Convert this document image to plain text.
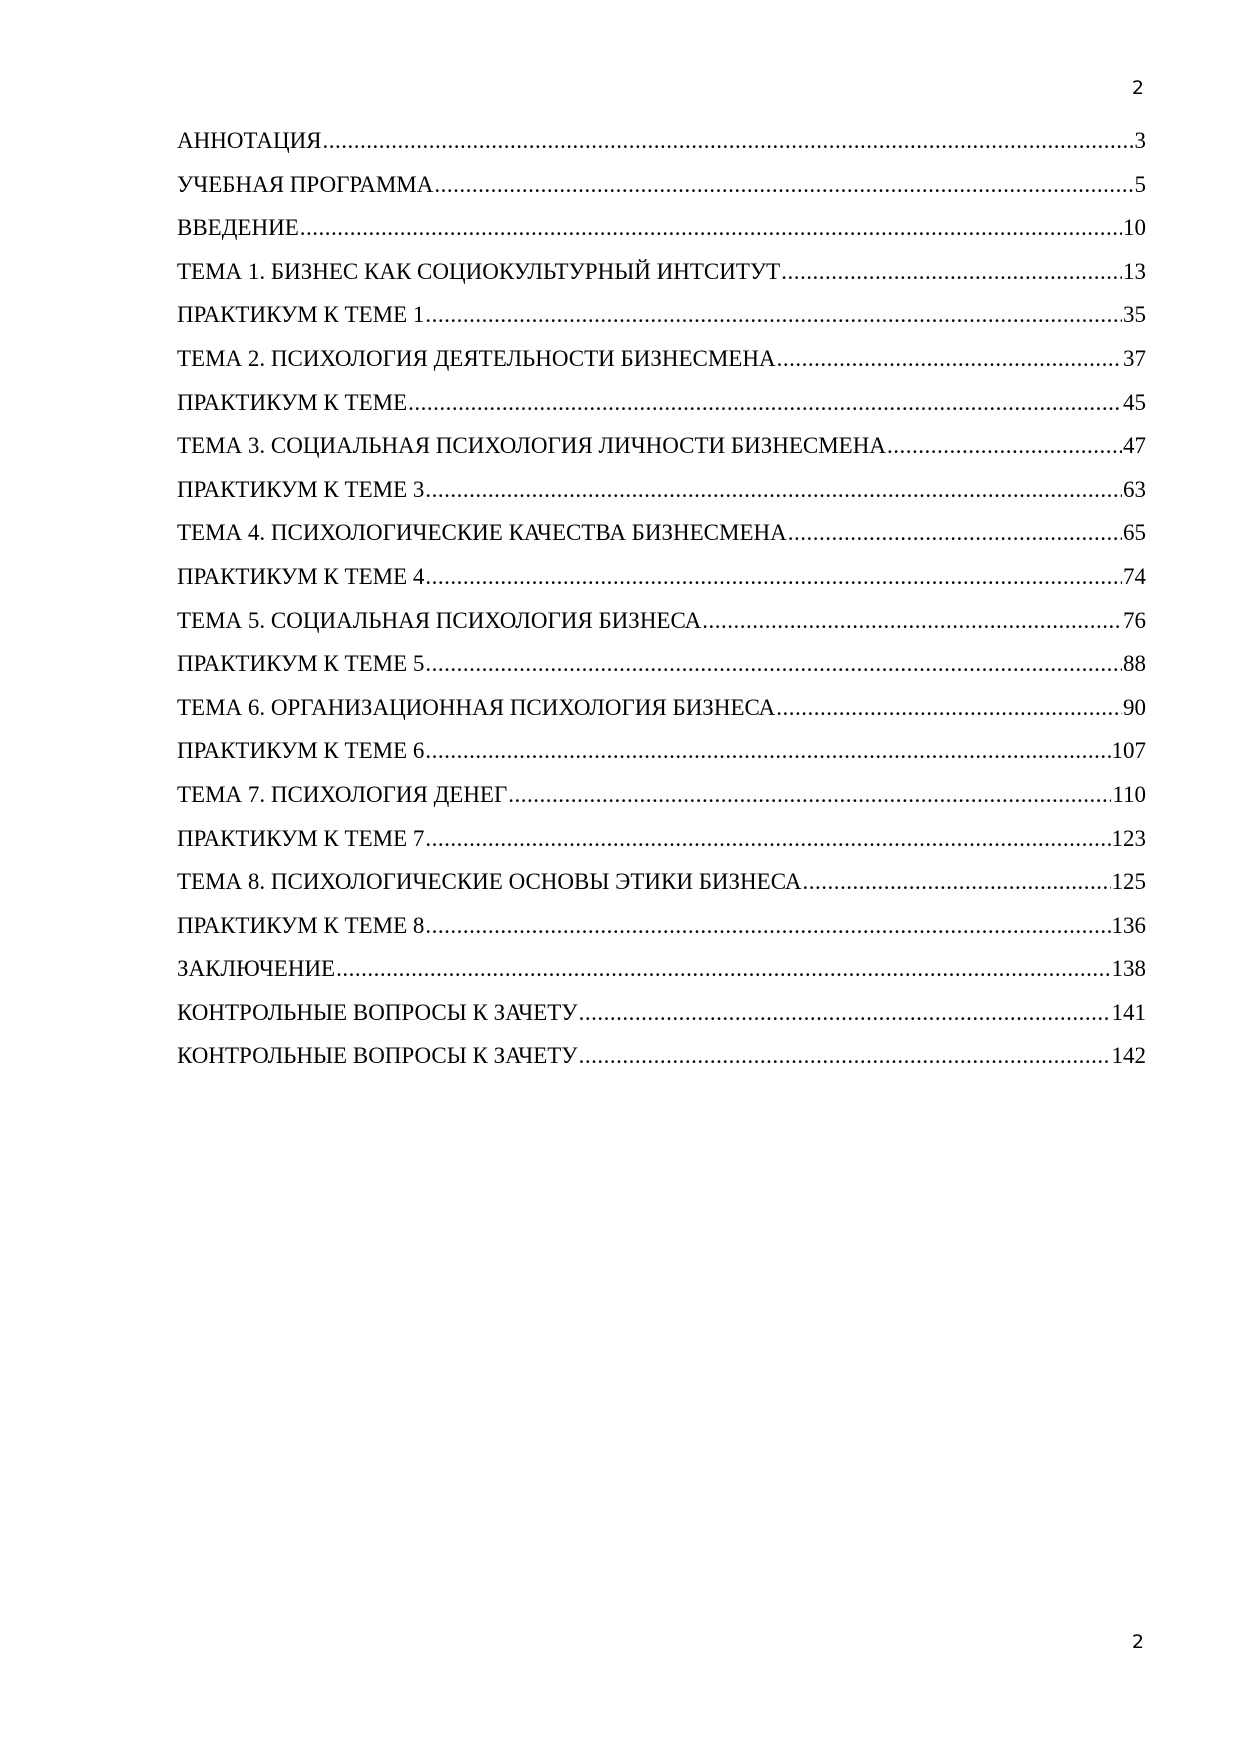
2
АННОТАЦИЯ .....	3
УЧЕБНАЯ ПРОГРАММА .....	5
ВВЕДЕНИЕ .....	10
ТЕМА 1. БИЗНЕС КАК СОЦИОКУЛЬТУРНЫЙ ИНТСИТУТ .....	13
ПРАКТИКУМ К ТЕМЕ 1 .....	35
ТЕМА 2. ПСИХОЛОГИЯ ДЕЯТЕЛЬНОСТИ БИЗНЕСМЕНА .....	37
ПРАКТИКУМ К ТЕМЕ .....	45
ТЕМА 3. СОЦИАЛЬНАЯ ПСИХОЛОГИЯ ЛИЧНОСТИ БИЗНЕСМЕНА .....	47
ПРАКТИКУМ К ТЕМЕ 3 .....	63
ТЕМА 4. ПСИХОЛОГИЧЕСКИЕ КАЧЕСТВА БИЗНЕСМЕНА .....	65
ПРАКТИКУМ К ТЕМЕ 4 .....	74
ТЕМА 5. СОЦИАЛЬНАЯ ПСИХОЛОГИЯ БИЗНЕСА .....	76
ПРАКТИКУМ К ТЕМЕ 5 .....	88
ТЕМА 6. ОРГАНИЗАЦИОННАЯ ПСИХОЛОГИЯ БИЗНЕСА .....	90
ПРАКТИКУМ К ТЕМЕ 6 .....	107
ТЕМА 7. ПСИХОЛОГИЯ ДЕНЕГ .....	110
ПРАКТИКУМ К ТЕМЕ 7 .....	123
ТЕМА 8. ПСИХОЛОГИЧЕСКИЕ ОСНОВЫ ЭТИКИ БИЗНЕСА .....	125
ПРАКТИКУМ К ТЕМЕ 8 .....	136
ЗАКЛЮЧЕНИЕ .....	138
КОНТРОЛЬНЫЕ ВОПРОСЫ К ЗАЧЕТУ .....	141
КОНТРОЛЬНЫЕ ВОПРОСЫ К ЗАЧЕТУ .....	142
2
